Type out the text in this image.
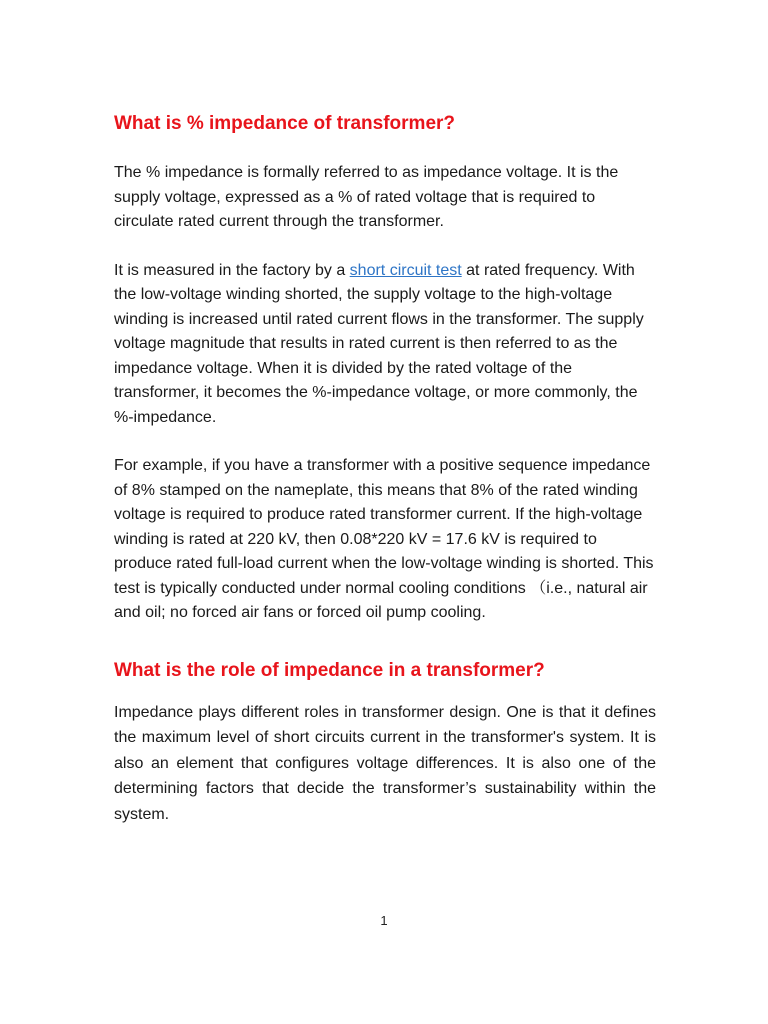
What is % impedance of transformer?

The % impedance is formally referred to as impedance voltage. It is the supply voltage, expressed as a % of rated voltage that is required to circulate rated current through the transformer.

It is measured in the factory by a short circuit test at rated frequency. With the low-voltage winding shorted, the supply voltage to the high-voltage winding is increased until rated current flows in the transformer. The supply voltage magnitude that results in rated current is then referred to as the impedance voltage. When it is divided by the rated voltage of the transformer, it becomes the %-impedance voltage, or more commonly, the %-impedance.

For example, if you have a transformer with a positive sequence impedance of 8% stamped on the nameplate, this means that 8% of the rated winding voltage is required to produce rated transformer current. If the high-voltage winding is rated at 220 kV, then 0.08*220 kV = 17.6 kV is required to produce rated full-load current when the low-voltage winding is shorted. This test is typically conducted under normal cooling conditions （i.e., natural air and oil; no forced air fans or forced oil pump cooling.

What is the role of impedance in a transformer?

Impedance plays different roles in transformer design. One is that it defines the maximum level of short circuits current in the transformer's system. It is also an element that configures voltage differences. It is also one of the determining factors that decide the transformer’s sustainability within the system.

1
